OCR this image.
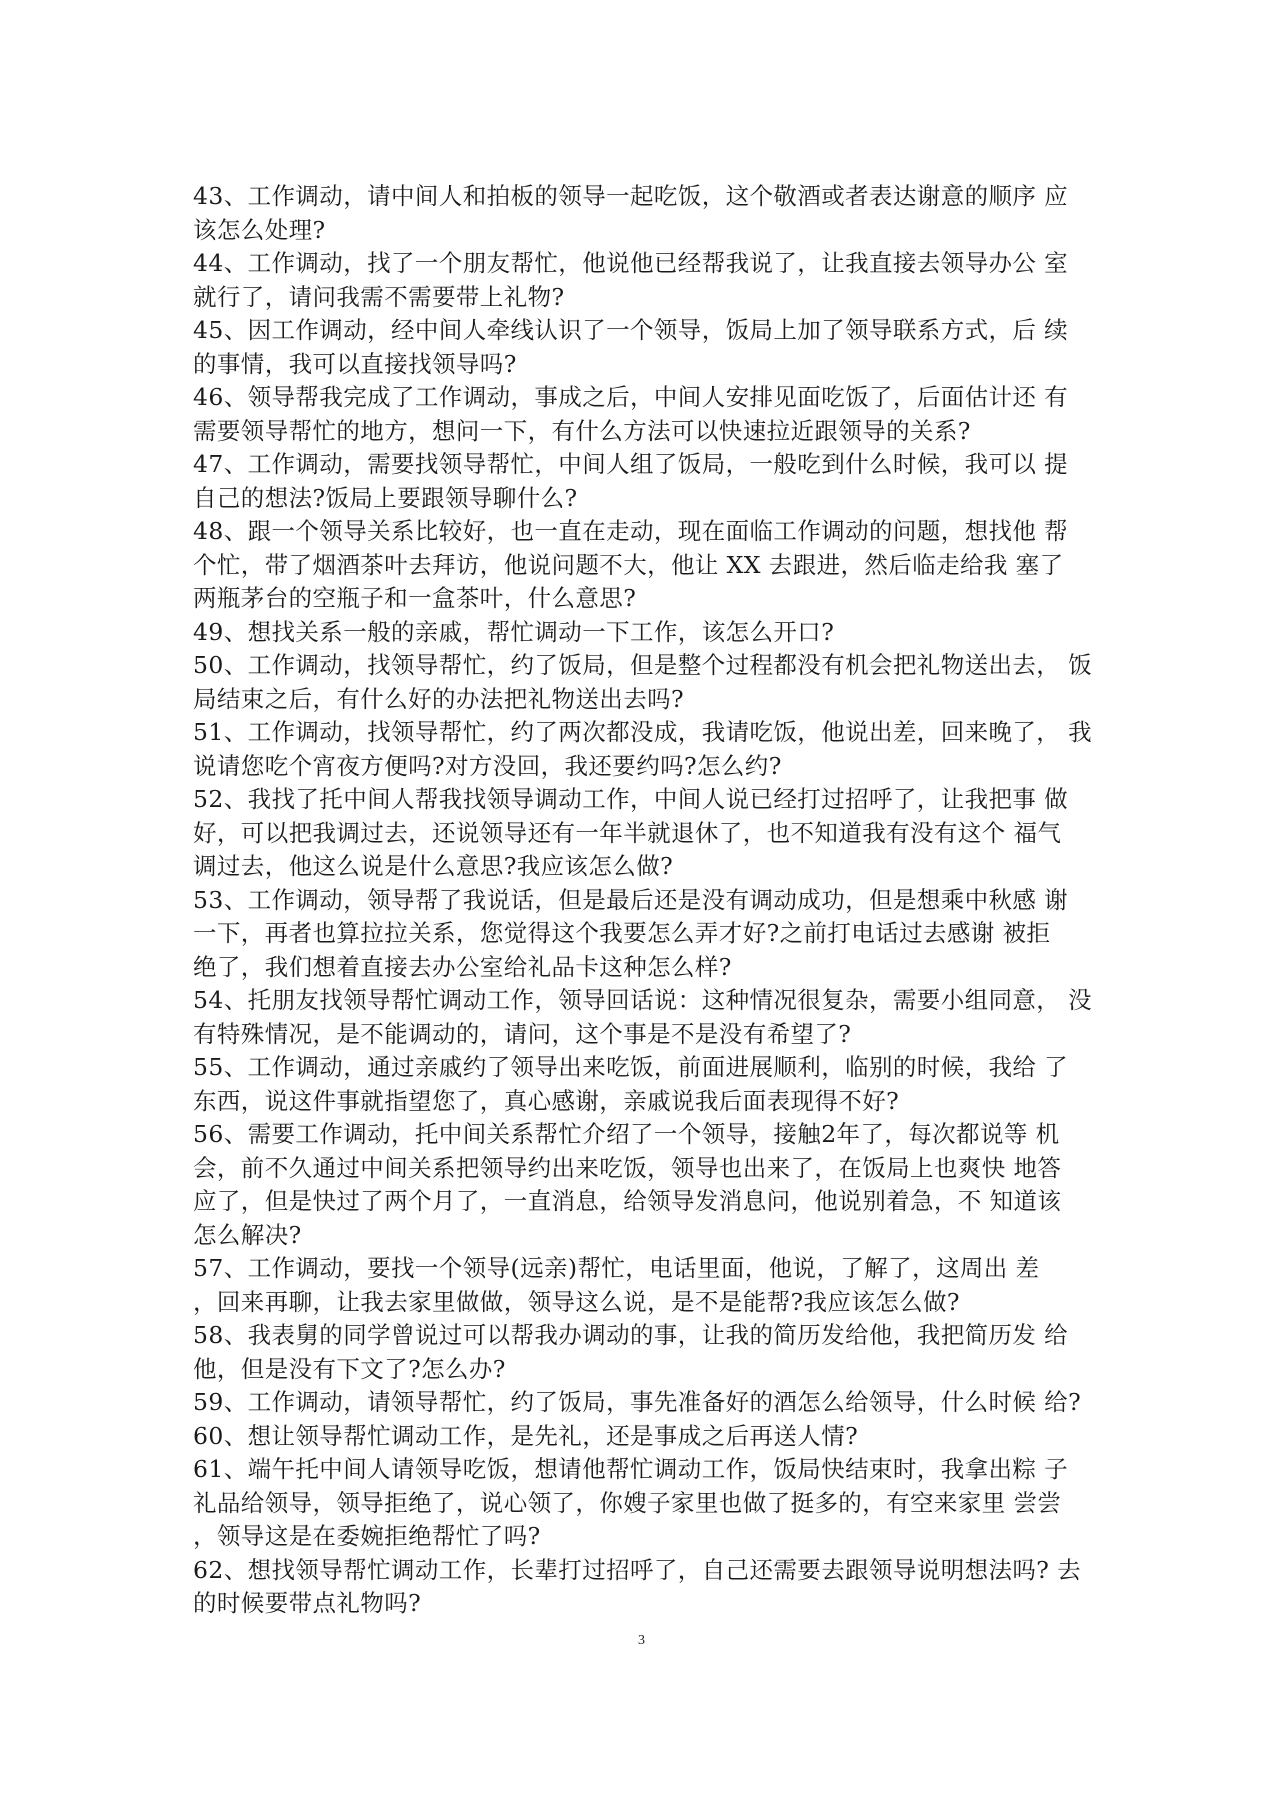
43、工作调动，请中间人和拍板的领导一起吃饭，这个敬酒或者表达谢意的顺序 应
该怎么处理?
44、工作调动，找了一个朋友帮忙，他说他已经帮我说了，让我直接去领导办公 室
就行了，请问我需不需要带上礼物?
45、因工作调动，经中间人牵线认识了一个领导，饭局上加了领导联系方式，后 续
的事情，我可以直接找领导吗?
46、领导帮我完成了工作调动，事成之后，中间人安排见面吃饭了，后面估计还 有
需要领导帮忙的地方，想问一下，有什么方法可以快速拉近跟领导的关系?
47、工作调动，需要找领导帮忙，中间人组了饭局，一般吃到什么时候，我可以 提
自己的想法?饭局上要跟领导聊什么?
48、跟一个领导关系比较好，也一直在走动，现在面临工作调动的问题，想找他 帮
个忙，带了烟酒茶叶去拜访，他说问题不大，他让 XX 去跟进，然后临走给我 塞了
两瓶茅台的空瓶子和一盒茶叶，什么意思?
49、想找关系一般的亲戚，帮忙调动一下工作，该怎么开口?
50、工作调动，找领导帮忙，约了饭局，但是整个过程都没有机会把礼物送出去， 饭
局结束之后，有什么好的办法把礼物送出去吗?
51、工作调动，找领导帮忙，约了两次都没成，我请吃饭，他说出差，回来晚了， 我
说请您吃个宵夜方便吗?对方没回，我还要约吗?怎么约?
52、我找了托中间人帮我找领导调动工作，中间人说已经打过招呼了，让我把事 做
好，可以把我调过去，还说领导还有一年半就退休了，也不知道我有没有这个 福气
调过去，他这么说是什么意思?我应该怎么做?
53、工作调动，领导帮了我说话，但是最后还是没有调动成功，但是想乘中秋感 谢
一下，再者也算拉拉关系，您觉得这个我要怎么弄才好?之前打电话过去感谢 被拒
绝了，我们想着直接去办公室给礼品卡这种怎么样?
54、托朋友找领导帮忙调动工作，领导回话说：这种情况很复杂，需要小组同意， 没
有特殊情况，是不能调动的，请问，这个事是不是没有希望了?
55、工作调动，通过亲戚约了领导出来吃饭，前面进展顺利，临别的时候，我给 了
东西，说这件事就指望您了，真心感谢，亲戚说我后面表现得不好?
56、需要工作调动，托中间关系帮忙介绍了一个领导，接触2年了，每次都说等 机
会，前不久通过中间关系把领导约出来吃饭，领导也出来了，在饭局上也爽快 地答
应了，但是快过了两个月了，一直消息，给领导发消息问，他说别着急，不 知道该
怎么解决?
57、工作调动，要找一个领导(远亲)帮忙，电话里面，他说，了解了，这周出 差
，回来再聊，让我去家里做做，领导这么说，是不是能帮?我应该怎么做?
58、我表舅的同学曾说过可以帮我办调动的事，让我的简历发给他，我把简历发 给
他，但是没有下文了?怎么办?
59、工作调动，请领导帮忙，约了饭局，事先准备好的酒怎么给领导，什么时候 给?
60、想让领导帮忙调动工作，是先礼，还是事成之后再送人情?
61、端午托中间人请领导吃饭，想请他帮忙调动工作，饭局快结束时，我拿出粽 子
礼品给领导，领导拒绝了，说心领了，你嫂子家里也做了挺多的，有空来家里 尝尝
，领导这是在委婉拒绝帮忙了吗?
62、想找领导帮忙调动工作，长辈打过招呼了，自己还需要去跟领导说明想法吗? 去
的时候要带点礼物吗?
3
